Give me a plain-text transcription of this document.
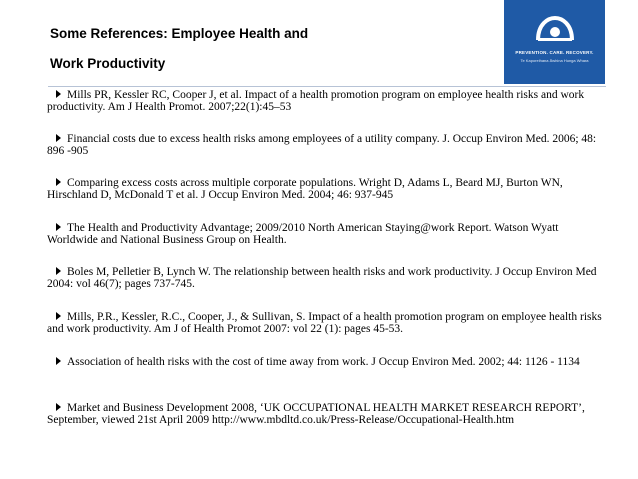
Some References: Employee Health and
Work Productivity
PREVENTION. CARE. RECOVERY.
Te Kaporeihana Āwhina Hunga Whara
Mills PR, Kessler RC, Cooper J, et al. Impact of a health promotion program on employee health risks and work productivity. Am J Health Promot. 2007;22(1):45–53
Financial costs due to excess health risks among employees of a utility company. J. Occup Environ Med. 2006; 48: 896 -905
Comparing excess costs across multiple corporate populations. Wright D, Adams L, Beard MJ, Burton WN, Hirschland D, McDonald T et al. J Occup Environ Med. 2004; 46: 937-945
The Health and Productivity Advantage; 2009/2010 North American Staying@work Report. Watson Wyatt Worldwide and National Business Group on Health.
Boles M, Pelletier B, Lynch W. The relationship between health risks and work productivity. J Occup Environ Med 2004: vol 46(7); pages 737-745.
Mills, P.R., Kessler, R.C., Cooper, J., & Sullivan, S. Impact of a health promotion program on employee health risks and work productivity. Am J of Health Promot 2007: vol 22 (1): pages 45-53.
Association of health risks with the cost of time away from work. J Occup Environ Med. 2002; 44: 1126 - 1134
Market and Business Development 2008, ‘UK OCCUPATIONAL HEALTH MARKET RESEARCH REPORT’, September, viewed 21st April 2009 http://www.mbdltd.co.uk/Press-Release/Occupational-Health.htm
